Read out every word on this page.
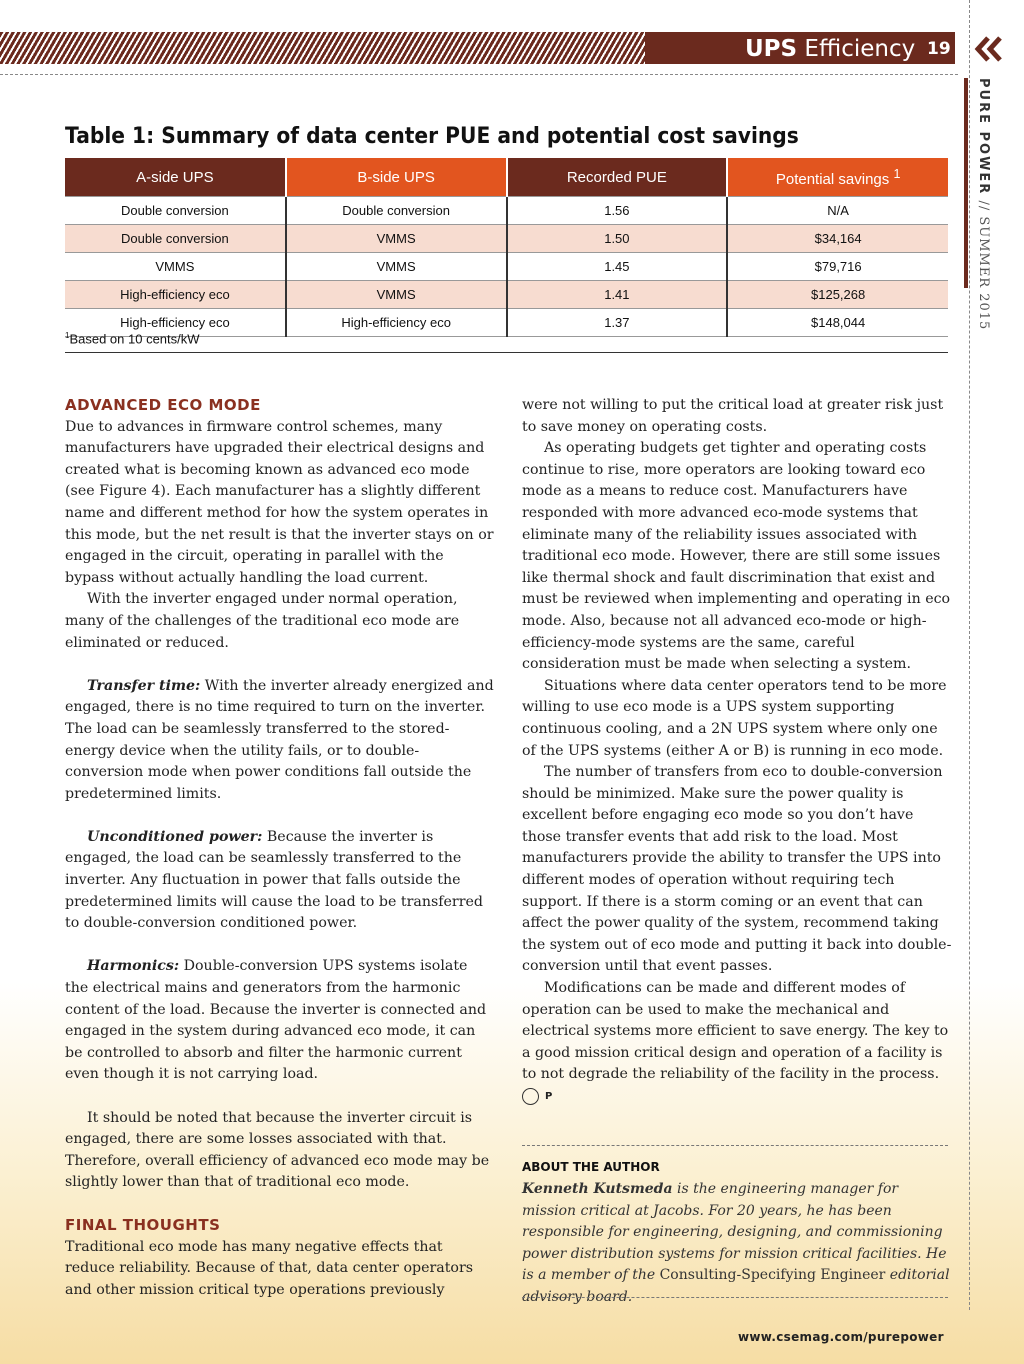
UPS Efficiency 19
PURE POWER // SUMMER 2015
Table 1: Summary of data center PUE and potential cost savings
A-side UPS	B-side UPS	Recorded PUE	Potential savings $^1$
Double conversion	Double conversion	1.56	N/A
Double conversion	VMMS	1.50	$34,164
VMMS	VMMS	1.45	$79,716
High-efficiency eco	VMMS	1.41	$125,268
High-efficiency eco	High-efficiency eco	1.37	$148,044
$^1$Based on 10 cents/kW
ADVANCED ECO MODE

Due to advances in firmware control schemes, many manufacturers have upgraded their electrical designs and created what is becoming known as advanced eco mode (see Figure 4). Each manufacturer has a slightly different name and different method for how the system operates in this mode, but the net result is that the inverter stays on or engaged in the circuit, operating in parallel with the bypass without actually handling the load current.

With the inverter engaged under normal operation, many of the challenges of the traditional eco mode are eliminated or reduced.

Transfer time: With the inverter already energized and engaged, there is no time required to turn on the inverter. The load can be seamlessly transferred to the stored-energy device when the utility fails, or to double-conversion mode when power conditions fall outside the predetermined limits.

Unconditioned power: Because the inverter is engaged, the load can be seamlessly transferred to the inverter. Any fluctuation in power that falls outside the predetermined limits will cause the load to be transferred to double-conversion conditioned power.

Harmonics: Double-conversion UPS systems isolate the electrical mains and generators from the harmonic content of the load. Because the inverter is connected and engaged in the system during advanced eco mode, it can be controlled to absorb and filter the harmonic current even though it is not carrying load.

It should be noted that because the inverter circuit is engaged, there are some losses associated with that. Therefore, overall efficiency of advanced eco mode may be slightly lower than that of traditional eco mode.

FINAL THOUGHTS

Traditional eco mode has many negative effects that reduce reliability. Because of that, data center operators and other mission critical type operations previously

were not willing to put the critical load at greater risk just to save money on operating costs.

As operating budgets get tighter and operating costs continue to rise, more operators are looking toward eco mode as a means to reduce cost. Manufacturers have responded with more advanced eco-mode systems that eliminate many of the reliability issues associated with traditional eco mode. However, there are still some issues like thermal shock and fault discrimination that exist and must be reviewed when implementing and operating in eco mode. Also, because not all advanced eco-mode or high-efficiency-mode systems are the same, careful consideration must be made when selecting a system.

Situations where data center operators tend to be more willing to use eco mode is a UPS system supporting continuous cooling, and a 2N UPS system where only one of the UPS systems (either A or B) is running in eco mode.

The number of transfers from eco to double-conversion should be minimized. Make sure the power quality is excellent before engaging eco mode so you don’t have those transfer events that add risk to the load. Most manufacturers provide the ability to transfer the UPS into different modes of operation without requiring tech support. If there is a storm coming or an event that can affect the power quality of the system, recommend taking the system out of eco mode and putting it back into double-conversion until that event passes.

Modifications can be made and different modes of operation can be used to make the mechanical and electrical systems more efficient to save energy. The key to a good mission critical design and operation of a facility is to not degrade the reliability of the facility in the process. P

ABOUT THE AUTHOR
Kenneth Kutsmeda is the engineering manager for mission critical at Jacobs. For 20 years, he has been responsible for engineering, designing, and commissioning power distribution systems for mission critical facilities. He is a member of the Consulting-Specifying Engineer editorial advisory board.
www.csemag.com/purepower
